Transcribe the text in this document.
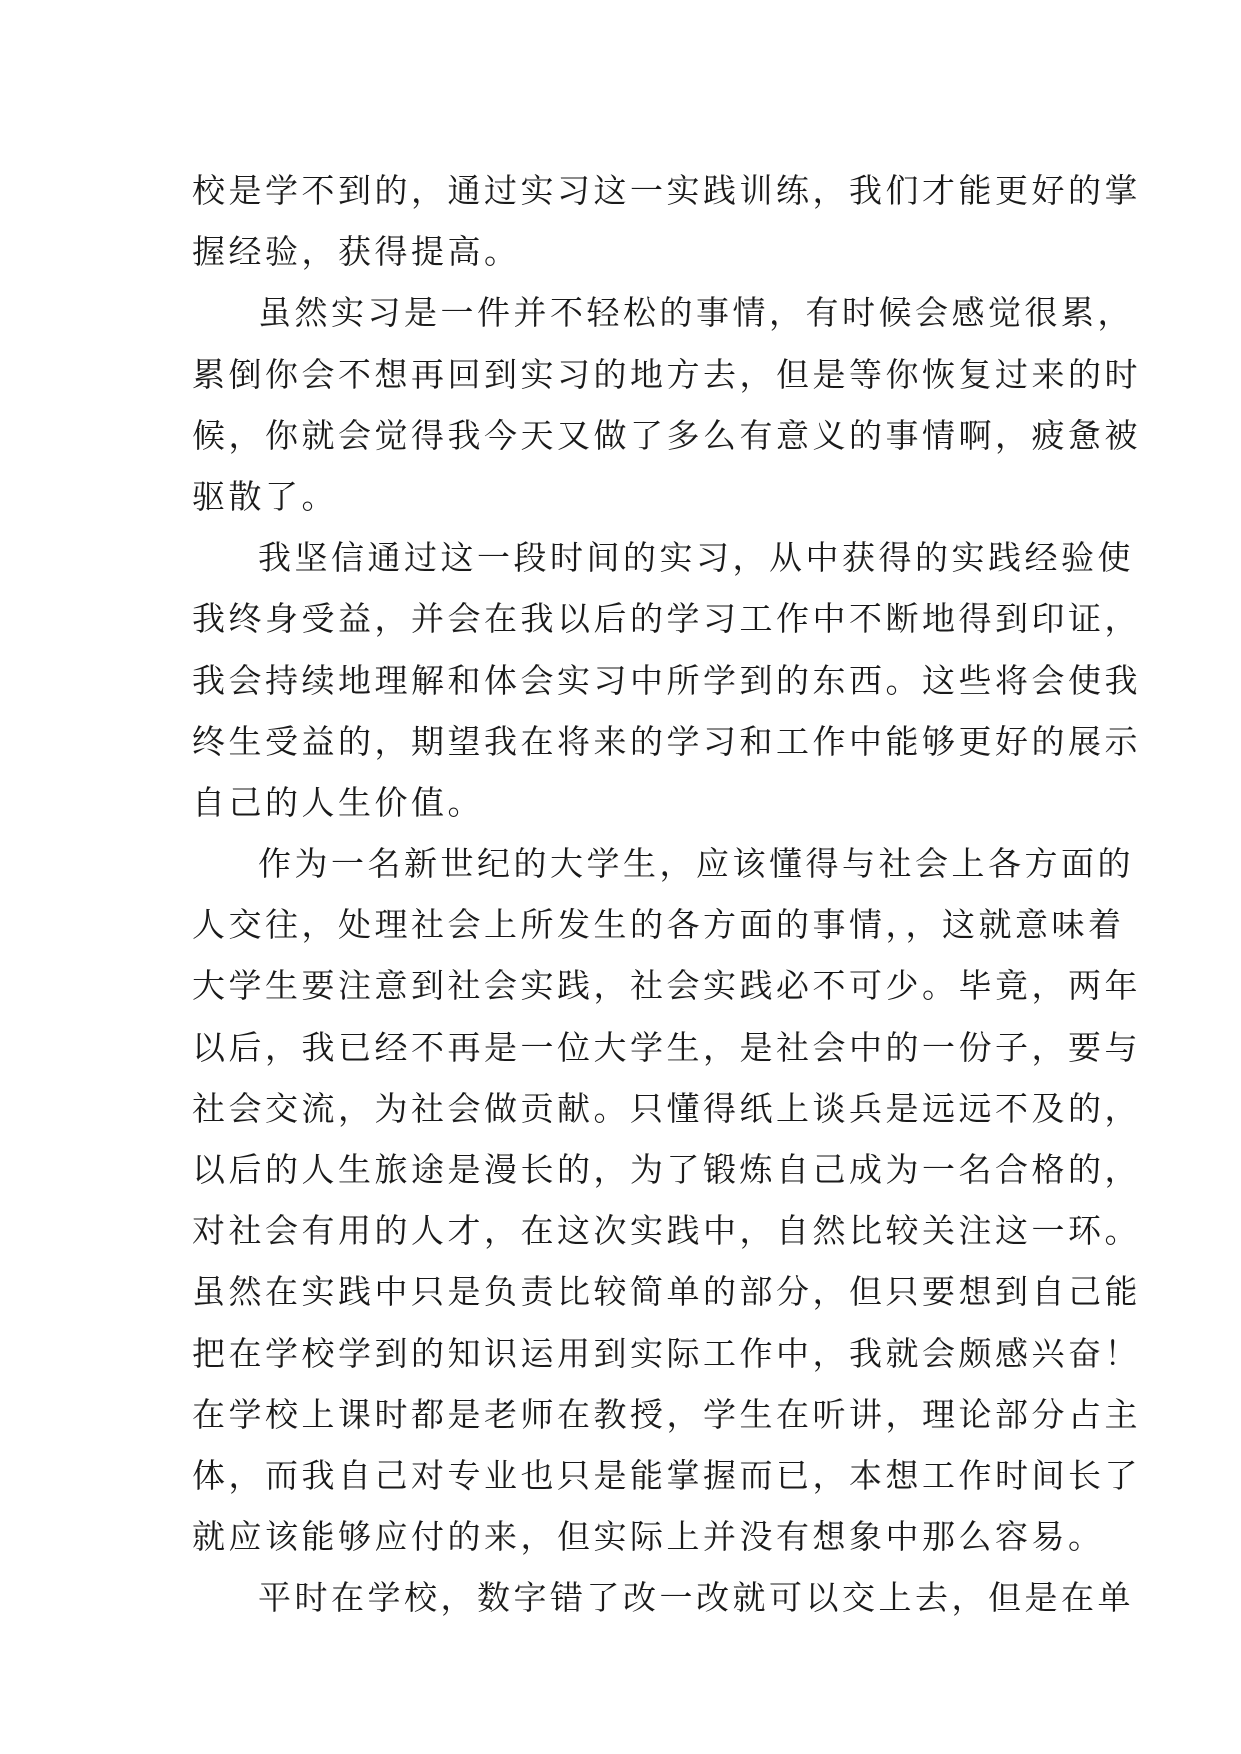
校是学不到的，通过实习这一实践训练，我们才能更好的掌
握经验，获得提高。
虽然实习是一件并不轻松的事情，有时候会感觉很累，
累倒你会不想再回到实习的地方去，但是等你恢复过来的时
候，你就会觉得我今天又做了多么有意义的事情啊，疲惫被
驱散了。
我坚信通过这一段时间的实习，从中获得的实践经验使
我终身受益，并会在我以后的学习工作中不断地得到印证，
我会持续地理解和体会实习中所学到的东西。这些将会使我
终生受益的，期望我在将来的学习和工作中能够更好的展示
自己的人生价值。
作为一名新世纪的大学生，应该懂得与社会上各方面的
人交往，处理社会上所发生的各方面的事情，，这就意味着
大学生要注意到社会实践，社会实践必不可少。毕竟，两年
以后，我已经不再是一位大学生，是社会中的一份子，要与
社会交流，为社会做贡献。只懂得纸上谈兵是远远不及的，
以后的人生旅途是漫长的，为了锻炼自己成为一名合格的，
对社会有用的人才，在这次实践中，自然比较关注这一环。
虽然在实践中只是负责比较简单的部分，但只要想到自己能
把在学校学到的知识运用到实际工作中，我就会颇感兴奋！
在学校上课时都是老师在教授，学生在听讲，理论部分占主
体，而我自己对专业也只是能掌握而已，本想工作时间长了
就应该能够应付的来，但实际上并没有想象中那么容易。
平时在学校，数字错了改一改就可以交上去，但是在单
